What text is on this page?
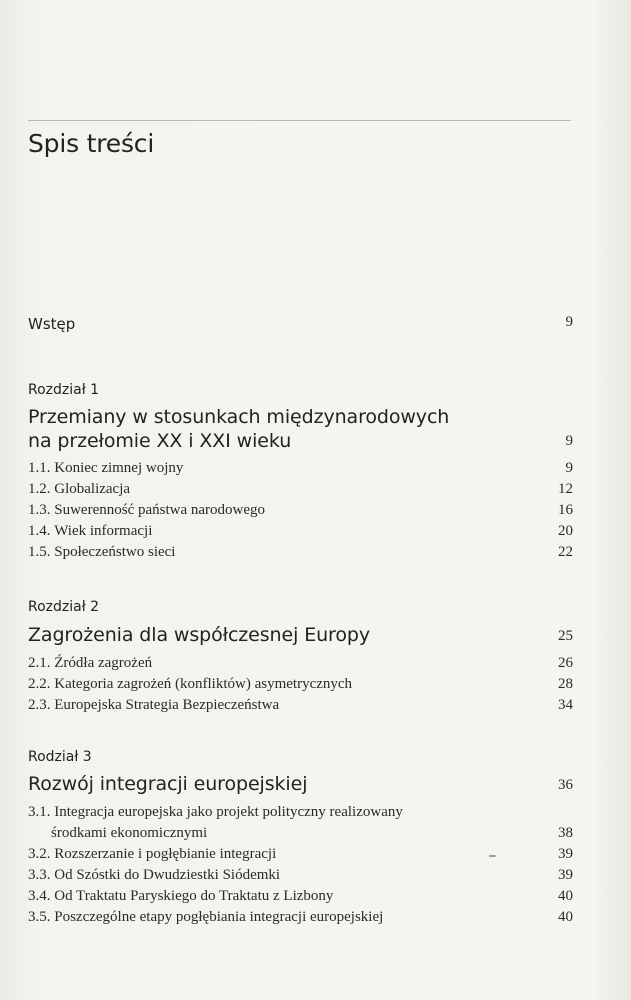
Spis treści
Wstęp	9
Rozdział 1
Przemiany w stosunkach międzynarodowych
na przełomie XX i XXI wieku	9
1.1. Koniec zimnej wojny	9
1.2. Globalizacja	12
1.3. Suwerenność państwa narodowego	16
1.4. Wiek informacji	20
1.5. Społeczeństwo sieci	22
Rozdział 2
Zagrożenia dla współczesnej Europy	25
2.1. Źródła zagrożeń	26
2.2. Kategoria zagrożeń (konfliktów) asymetrycznych	28
2.3. Europejska Strategia Bezpieczeństwa	34
Rodział 3
Rozwój integracji europejskiej	36
3.1. Integracja europejska jako projekt polityczny realizowany
środkami ekonomicznymi	38
3.2. Rozszerzanie i pogłębianie integracji	39
3.3. Od Szóstki do Dwudziestki Siódemki	39
3.4. Od Traktatu Paryskiego do Traktatu z Lizbony	40
3.5. Poszczególne etapy pogłębiania integracji europejskiej	40
